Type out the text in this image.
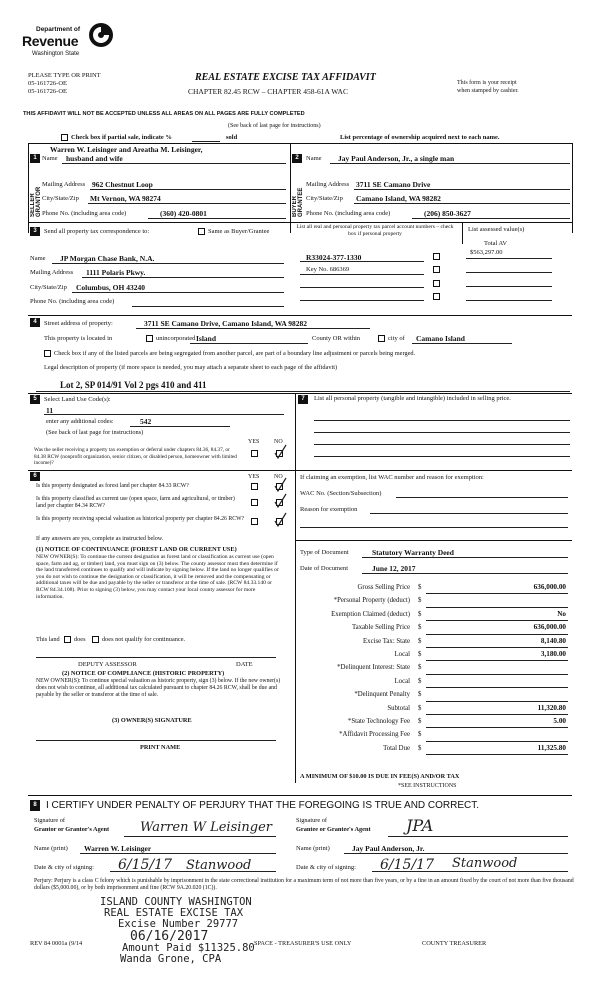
Department of
Revenue
Washington State
PLEASE TYPE OR PRINT
05-161726-OE
05-161726-OE
REAL ESTATE EXCISE TAX AFFIDAVIT
CHAPTER 82.45 RCW – CHAPTER 458-61A WAC
This form is your receipt
when stamped by cashier.
THIS AFFIDAVIT WILL NOT BE ACCEPTED UNLESS ALL AREAS ON ALL PAGES ARE FULLY COMPLETED
(See back of last page for instructions)
Check box if partial sale, indicate %	sold	List percentage of ownership acquired next to each name.
1
Warren W. Leisinger and Areatha M. Leisinger,
Name husband and wife
SELLER GRANTOR
Mailing Address 962 Chestnut Loop
City/State/Zip Mt Vernon, WA 98274
Phone No. (including area code)	(360) 420-0801
2	Name Jay Paul Anderson, Jr., a single man
BUYER GRANTEE
Mailing Address 3711 SE Camano Drive
City/State/Zip Camano Island, WA 98282
Phone No. (including area code)	(206) 850-3627
3	Send all property tax correspondence to:	Same as Buyer/Grantee
List all real and personal property tax parcel account numbers – check box if personal property
List assessed value(s)
Name JP Morgan Chase Bank, N.A.
Mailing Address 1111 Polaris Pkwy.
City/State/Zip Columbus, OH 43240
Phone No. (including area code)
R33024-377-1330
Key No. 686369
Total AV
$563,297.00
4	Street address of property:	3711 SE Camano Drive, Camano Island, WA 98282
This property is located in	unincorporated Island	County OR within	city of Camano Island
Check box if any of the listed parcels are being segregated from another parcel, are part of a boundary line adjustment or parcels being merged.
Legal description of property (if more space is needed, you may attach a separate sheet to each page of the affidavit)
Lot 2, SP 014/91 Vol 2 pgs 410 and 411
5	Select Land Use Code(s):
11
enter any additional codes:	542
(See back of last page for instructions)
YES NO
Was the seller receiving a property tax exemption or deferral under chapters 84.36, 84.37, or 84.38 RCW (nonprofit organization, senior citizen, or disabled person, homeowner with limited income)?
7	List all personal property (tangible and intangible) included in selling price.
6	YES NO
Is this property designated as forest land per chapter 84.33 RCW?
Is this property classified as current use (open space, farm and agricultural, or timber) land per chapter 84.34 RCW?
Is this property receiving special valuation as historical property per chapter 84.26 RCW?
If any answers are yes, complete as instructed below.
(1) NOTICE OF CONTINUANCE (FOREST LAND OR CURRENT USE)
NEW OWNER(S): To continue the current designation as forest land or classification as current use (open space, farm and ag, or timber) land, you must sign on (3) below. The county assessor must then determine if the land transferred continues to qualify and will indicate by signing below. If the land no longer qualifies or you do not wish to continue the designation or classification, it will be removed and the compensating or additional taxes will be due and payable by the seller or transferor at the time of sale. (RCW 84.33.140 or RCW 84.34.108). Prior to signing (3) below, you may contact your local county assessor for more information.
This land does	does not qualify for continuance.
DEPUTY ASSESSOR	DATE
(2) NOTICE OF COMPLIANCE (HISTORIC PROPERTY)
NEW OWNER(S): To continue special valuation as historic property, sign (3) below. If the new owner(s) does not wish to continue, all additional tax calculated pursuant to chapter 84.26 RCW, shall be due and payable by the seller or transferor at the time of sale.
(3) OWNER(S) SIGNATURE
PRINT NAME
If claiming an exemption, list WAC number and reason for exemption:
WAC No. (Section/Subsection)
Reason for exemption
Type of Document	Statutory Warranty Deed
Date of Document	June 12, 2017
Gross Selling Price $	636,000.00
*Personal Property (deduct) $
Exemption Claimed (deduct) $	No
Taxable Selling Price $	636,000.00
Excise Tax: State $	8,140.80
Local $	3,180.00
*Delinquent Interest: State $
Local $
*Delinquent Penalty $
Subtotal $	11,320.80
*State Technology Fee $	5.00
*Affidavit Processing Fee $
Total Due $	11,325.80
A MINIMUM OF $10.00 IS DUE IN FEE(S) AND/OR TAX
*SEE INSTRUCTIONS
8 I CERTIFY UNDER PENALTY OF PERJURY THAT THE FOREGOING IS TRUE AND CORRECT.
Signature of
Grantor or Grantor's Agent Warren W Leisinger
Name (print) Warren W. Leisinger
Date & city of signing: 6/15/17 Stanwood
Signature of
Grantee or Grantee's Agent JPA
Name (print)	Jay Paul Anderson, Jr.
Date & city of signing: 6/15/17 Stanwood
Perjury: Perjury is a class C felony which is punishable by imprisonment in the state correctional institution for a maximum term of not more than five years, or by a fine in an amount fixed by the court of not more than five thousand dollars ($5,000.00), or by both imprisonment and fine (RCW 9A.20.020 (1C)).
ISLAND COUNTY WASHINGTON
REAL ESTATE EXCISE TAX
Excise Number 29777
06/16/2017
Amount Paid $11325.80
Wanda Grone, CPA
REV 84 0001a (9/14	SPACE - TREASURER'S USE ONLY	COUNTY TREASURER
